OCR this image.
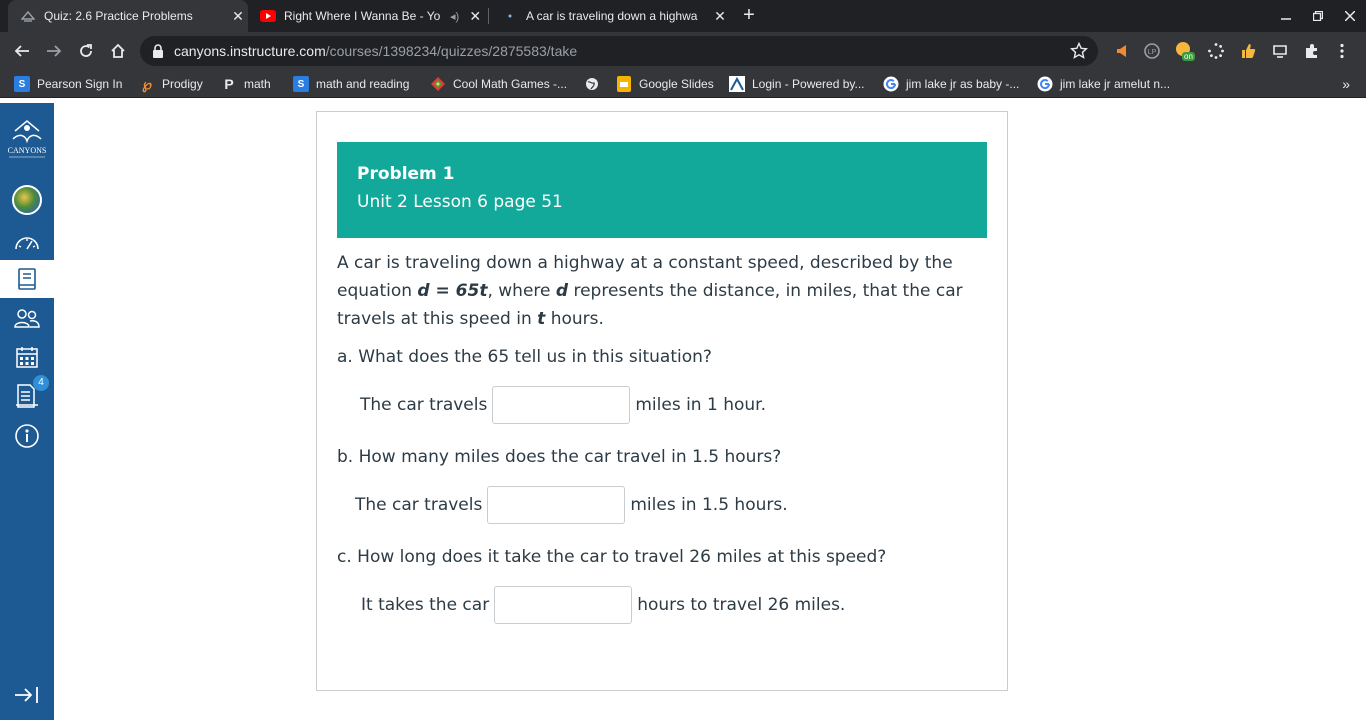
Quiz: 2.6 Practice Problems	✕	Right Where I Wanna Be - Yo ◂) ✕	A car is traveling down a highwa	✕ +
canyons.instructure.com/courses/1398234/quizzes/2875583/take	LP	on
S Pearson Sign In ℘ Prodigy P math	S math and reading	Cool Math Games -...	Google Slides	Login - Powered by...	jim lake jr as baby -...	jim lake jr amelut n...	»
CANYONS
4
Problem 1
Unit 2 Lesson 6 page 51
A car is traveling down a highway at a constant speed, described by the equation d = 65t, where d represents the distance, in miles, that the car travels at this speed in t hours.
a. What does the 65 tell us in this situation?
The car travels	miles in 1 hour.
b. How many miles does the car travel in 1.5 hours?
The car travels	miles in 1.5 hours.
c. How long does it take the car to travel 26 miles at this speed?
It takes the car	hours to travel 26 miles.
